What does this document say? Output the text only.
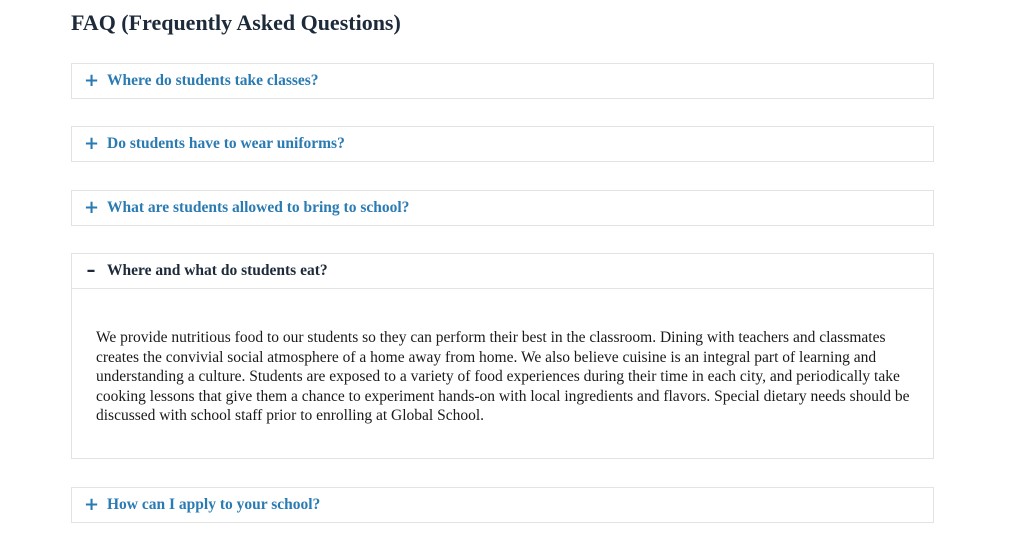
FAQ (Frequently Asked Questions)
+ Where do students take classes?
+ Do students have to wear uniforms?
+ What are students allowed to bring to school?
– Where and what do students eat?

We provide nutritious food to our students so they can perform their best in the classroom. Dining with teachers and classmates creates the convivial social atmosphere of a home away from home. We also believe cuisine is an integral part of learning and understanding a culture. Students are exposed to a variety of food experiences during their time in each city, and periodically take cooking lessons that give them a chance to experiment hands-on with local ingredients and flavors. Special dietary needs should be discussed with school staff prior to enrolling at Global School.

+ How can I apply to your school?
